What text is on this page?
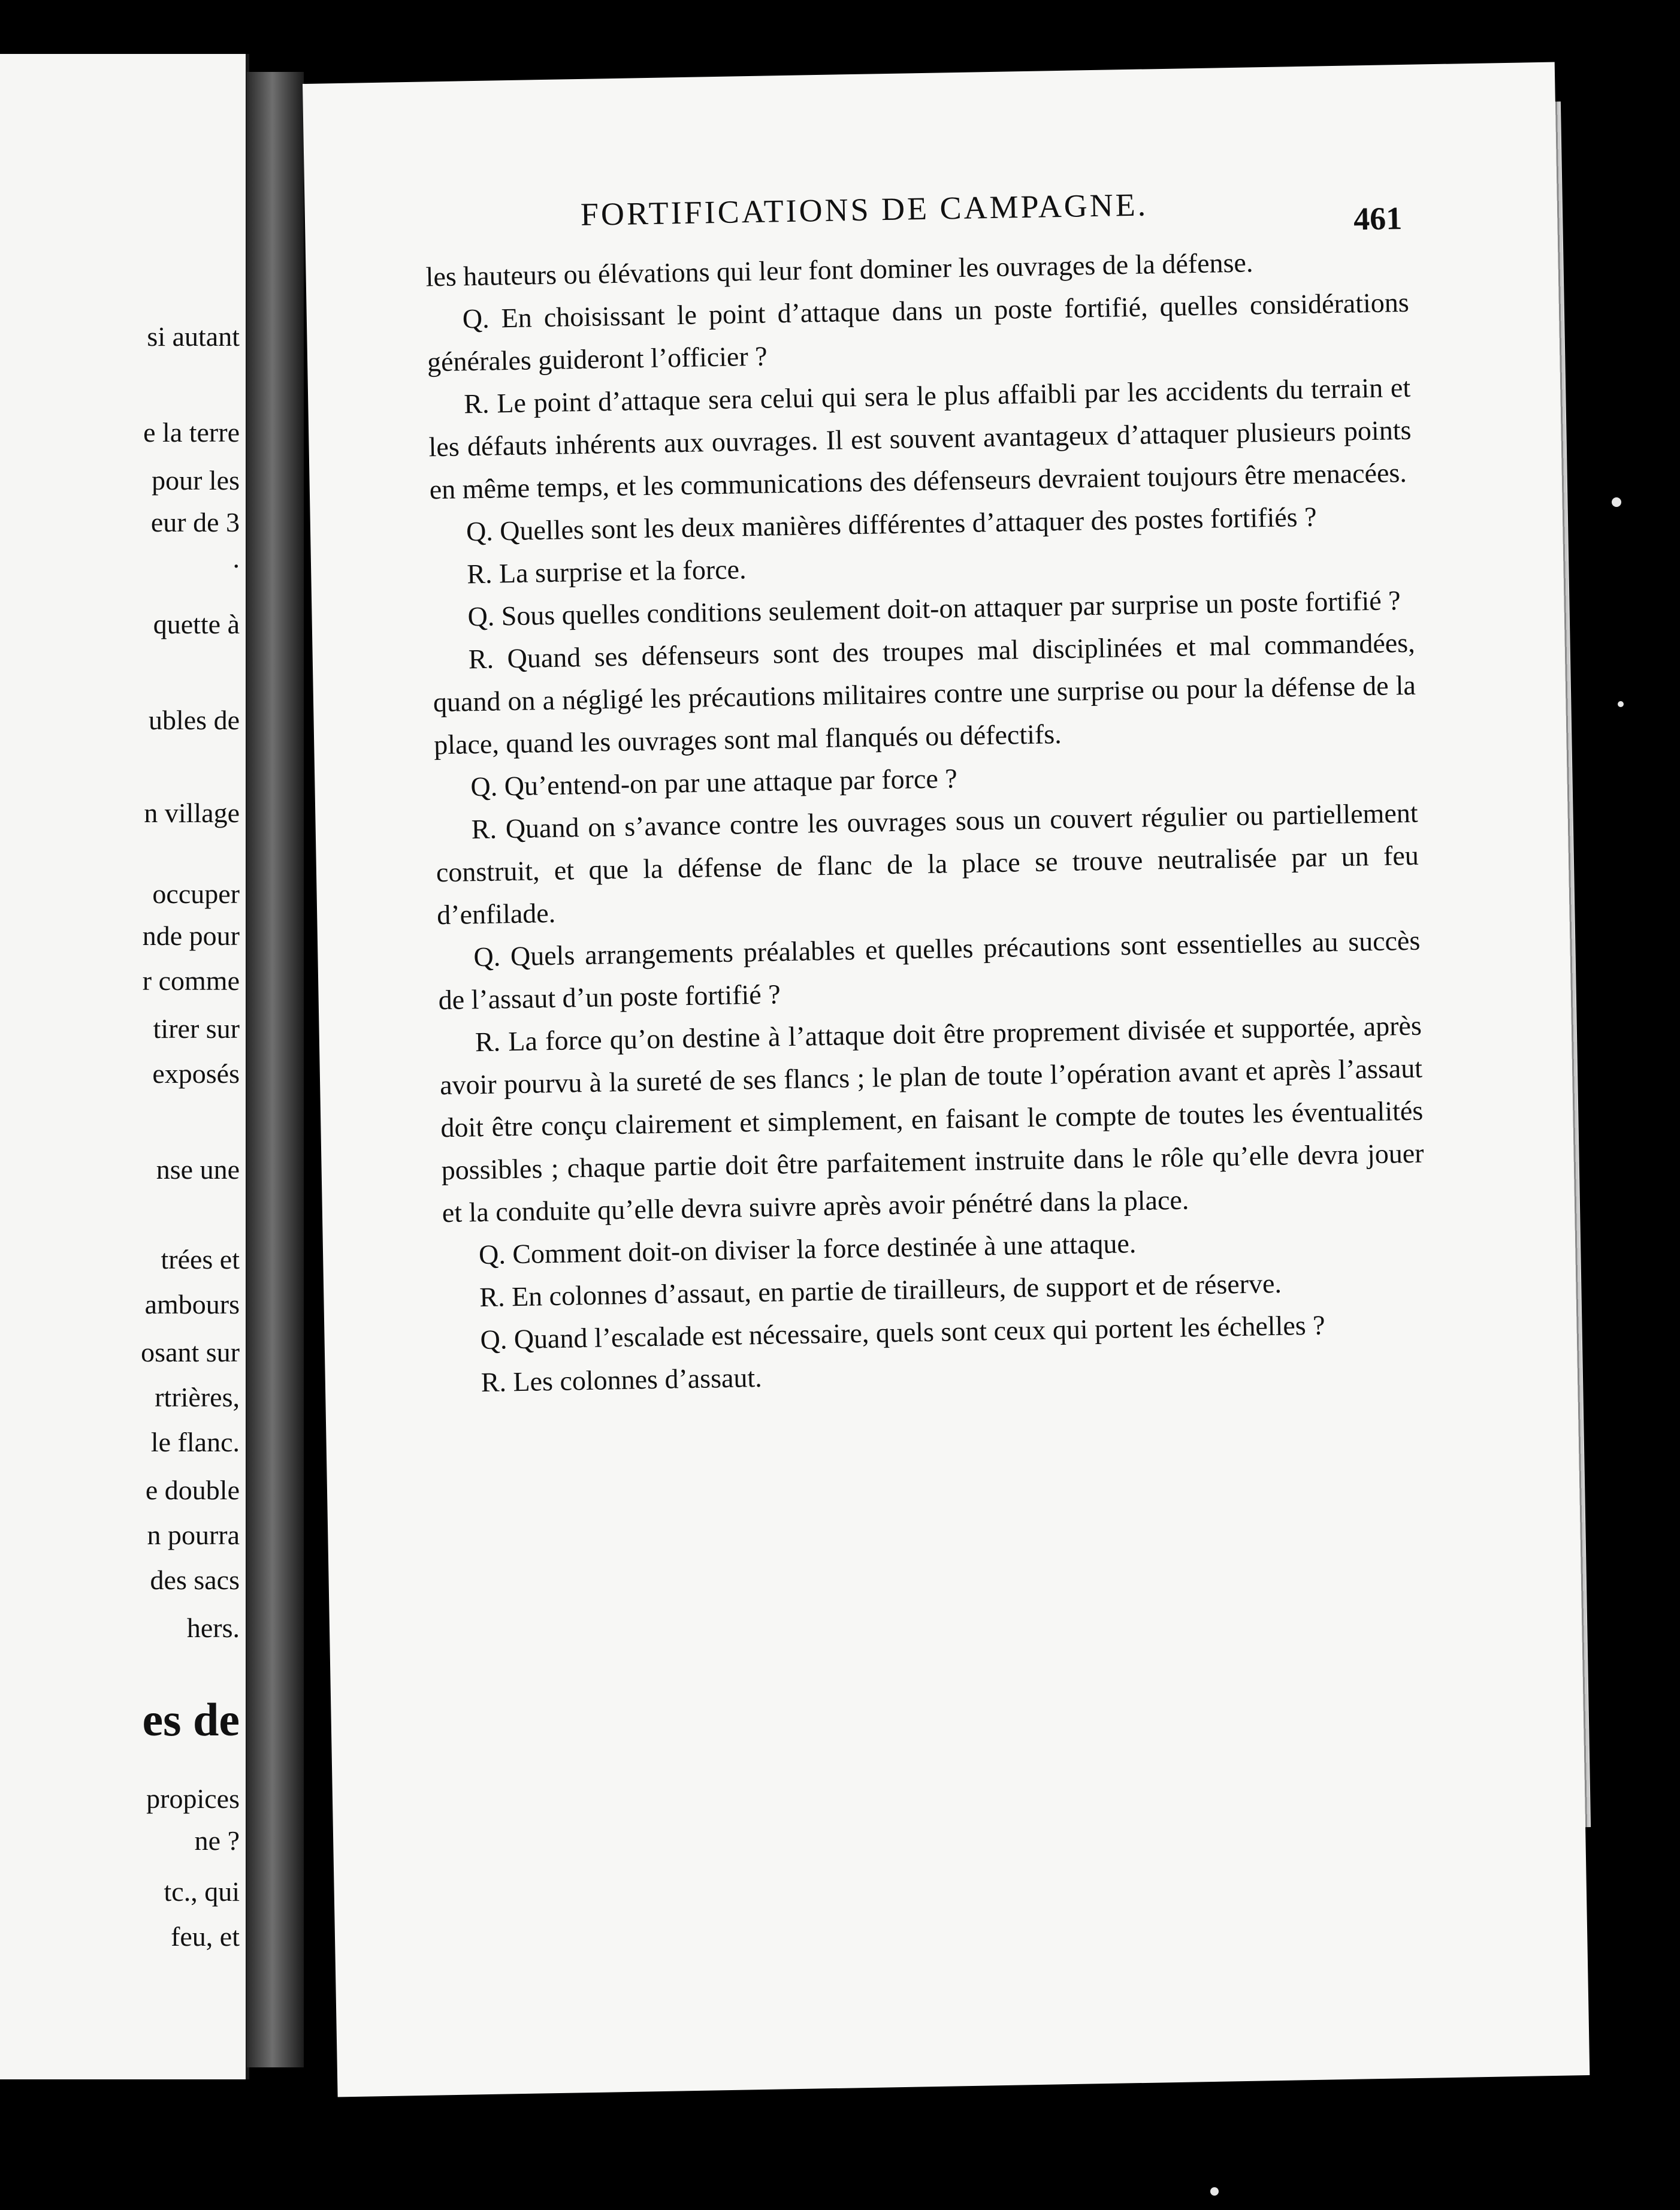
si autant
e la terre
pour les
eur de 3
.
quette à
ubles de
n village
occuper
nde pour
r comme
tirer sur
exposés
nse une
trées et
ambours
osant sur
rtrières,
le flanc.
e double
n pourra
des sacs
hers.
es de
propices
ne ?
tc., qui
feu, et
FORTIFICATIONS DE CAMPAGNE.	461

les hauteurs ou élévations qui leur font dominer les ouvrages de la défense.

Q. En choisissant le point d’attaque dans un poste fortifié, quelles considérations générales guideront l’officier ?

R. Le point d’attaque sera celui qui sera le plus affaibli par les accidents du terrain et les défauts inhérents aux ouvrages. Il est souvent avantageux d’attaquer plusieurs points en même temps, et les communications des défenseurs devraient toujours être menacées.

Q. Quelles sont les deux manières différentes d’attaquer des postes fortifiés ?

R. La surprise et la force.

Q. Sous quelles conditions seulement doit-on attaquer par surprise un poste fortifié ?

R. Quand ses défenseurs sont des troupes mal disciplinées et mal commandées, quand on a négligé les précautions militaires contre une surprise ou pour la défense de la place, quand les ouvrages sont mal flanqués ou défectifs.

Q. Qu’entend-on par une attaque par force ?

R. Quand on s’avance contre les ouvrages sous un couvert régulier ou partiellement construit, et que la défense de flanc de la place se trouve neutralisée par un feu d’enfilade.

Q. Quels arrangements préalables et quelles précautions sont essentielles au succès de l’assaut d’un poste fortifié ?

R. La force qu’on destine à l’attaque doit être proprement divisée et supportée, après avoir pourvu à la sureté de ses flancs ; le plan de toute l’opération avant et après l’assaut doit être conçu clairement et simplement, en faisant le compte de toutes les éventualités possibles ; chaque partie doit être parfaitement instruite dans le rôle qu’elle devra jouer et la conduite qu’elle devra suivre après avoir pénétré dans la place.

Q. Comment doit-on diviser la force destinée à une attaque.

R. En colonnes d’assaut, en partie de tirailleurs, de support et de réserve.

Q. Quand l’escalade est nécessaire, quels sont ceux qui portent les échelles ?

R. Les colonnes d’assaut.
